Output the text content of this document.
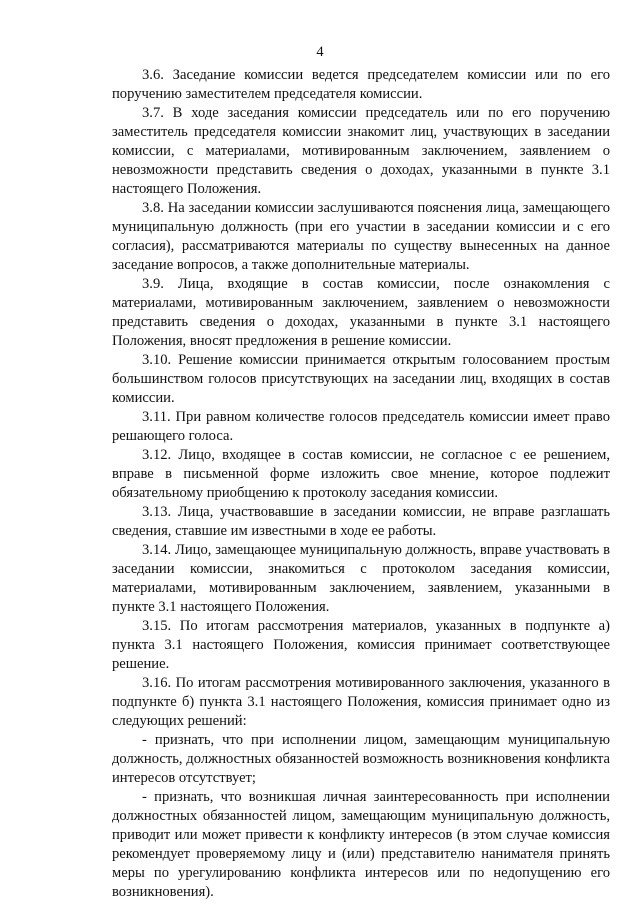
4

3.6. Заседание комиссии ведется председателем комиссии или по его поручению заместителем председателя комиссии.

3.7. В ходе заседания комиссии председатель или по его поручению заместитель председателя комиссии знакомит лиц, участвующих в заседании комиссии, с материалами, мотивированным заключением, заявлением о невозможности представить сведения о доходах, указанными в пункте 3.1 настоящего Положения.

3.8. На заседании комиссии заслушиваются пояснения лица, замещающего муниципальную должность (при его участии в заседании комиссии и с его согласия), рассматриваются материалы по существу вынесенных на данное заседание вопросов, а также дополнительные материалы.

3.9. Лица, входящие в состав комиссии, после ознакомления с материалами, мотивированным заключением, заявлением о невозможности представить сведения о доходах, указанными в пункте 3.1 настоящего Положения, вносят предложения в решение комиссии.

3.10. Решение комиссии принимается открытым голосованием простым большинством голосов присутствующих на заседании лиц, входящих в состав комиссии.

3.11. При равном количестве голосов председатель комиссии имеет право решающего голоса.

3.12. Лицо, входящее в состав комиссии, не согласное с ее решением, вправе в письменной форме изложить свое мнение, которое подлежит обязательному приобщению к протоколу заседания комиссии.

3.13. Лица, участвовавшие в заседании комиссии, не вправе разглашать сведения, ставшие им известными в ходе ее работы.

3.14. Лицо, замещающее муниципальную должность, вправе участвовать в заседании комиссии, знакомиться с протоколом заседания комиссии, материалами, мотивированным заключением, заявлением, указанными в пункте 3.1 настоящего Положения.

3.15. По итогам рассмотрения материалов, указанных в подпункте а) пункта 3.1 настоящего Положения, комиссия принимает соответствующее решение.

3.16. По итогам рассмотрения мотивированного заключения, указанного в подпункте б) пункта 3.1 настоящего Положения, комиссия принимает одно из следующих решений:

- признать, что при исполнении лицом, замещающим муниципальную должность, должностных обязанностей возможность возникновения конфликта интересов отсутствует;

- признать, что возникшая личная заинтересованность при исполнении должностных обязанностей лицом, замещающим муниципальную должность, приводит или может привести к конфликту интересов (в этом случае комиссия рекомендует проверяемому лицу и (или) представителю нанимателя принять меры по урегулированию конфликта интересов или по недопущению его возникновения).
